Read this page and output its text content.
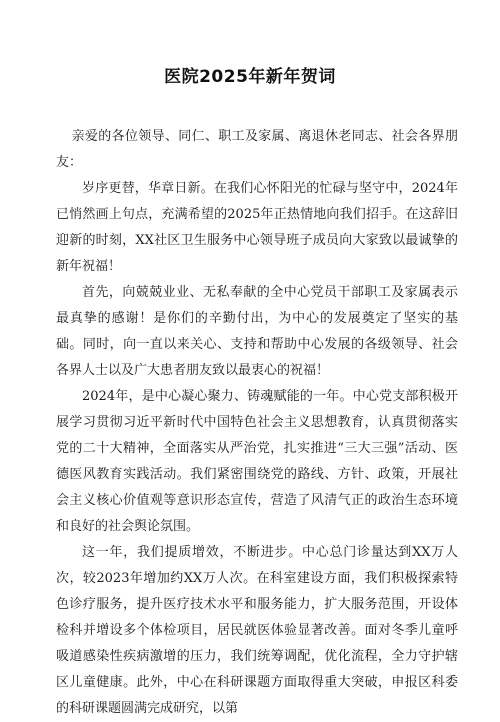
医院2025年新年贺词

亲爱的各位领导、同仁、职工及家属、离退休老同志、社会各界朋友：

岁序更替，华章日新。在我们心怀阳光的忙碌与坚守中，2024年已悄然画上句点，充满希望的2025年正热情地向我们招手。在这辞旧迎新的时刻，XX社区卫生服务中心领导班子成员向大家致以最诚挚的新年祝福！

首先，向兢兢业业、无私奉献的全中心党员干部职工及家属表示最真挚的感谢！是你们的辛勤付出，为中心的发展奠定了坚实的基础。同时，向一直以来关心、支持和帮助中心发展的各级领导、社会各界人士以及广大患者朋友致以最衷心的祝福！

2024年，是中心凝心聚力、铸魂赋能的一年。中心党支部积极开展学习贯彻习近平新时代中国特色社会主义思想教育，认真贯彻落实党的二十大精神，全面落实从严治党，扎实推进“三大三强”活动、医德医风教育实践活动。我们紧密围绕党的路线、方针、政策，开展社会主义核心价值观等意识形态宣传，营造了风清气正的政治生态环境和良好的社会舆论氛围。

这一年，我们提质增效，不断进步。中心总门诊量达到XX万人次，较2023年增加约XX万人次。在科室建设方面，我们积极探索特色诊疗服务，提升医疗技术水平和服务能力，扩大服务范围，开设体检科并增设多个体检项目，居民就医体验显著改善。面对冬季儿童呼吸道感染性疾病激增的压力，我们统筹调配，优化流程，全力守护辖区儿童健康。此外，中心在科研课题方面取得重大突破，申报区科委的科研课题圆满完成研究，以第
